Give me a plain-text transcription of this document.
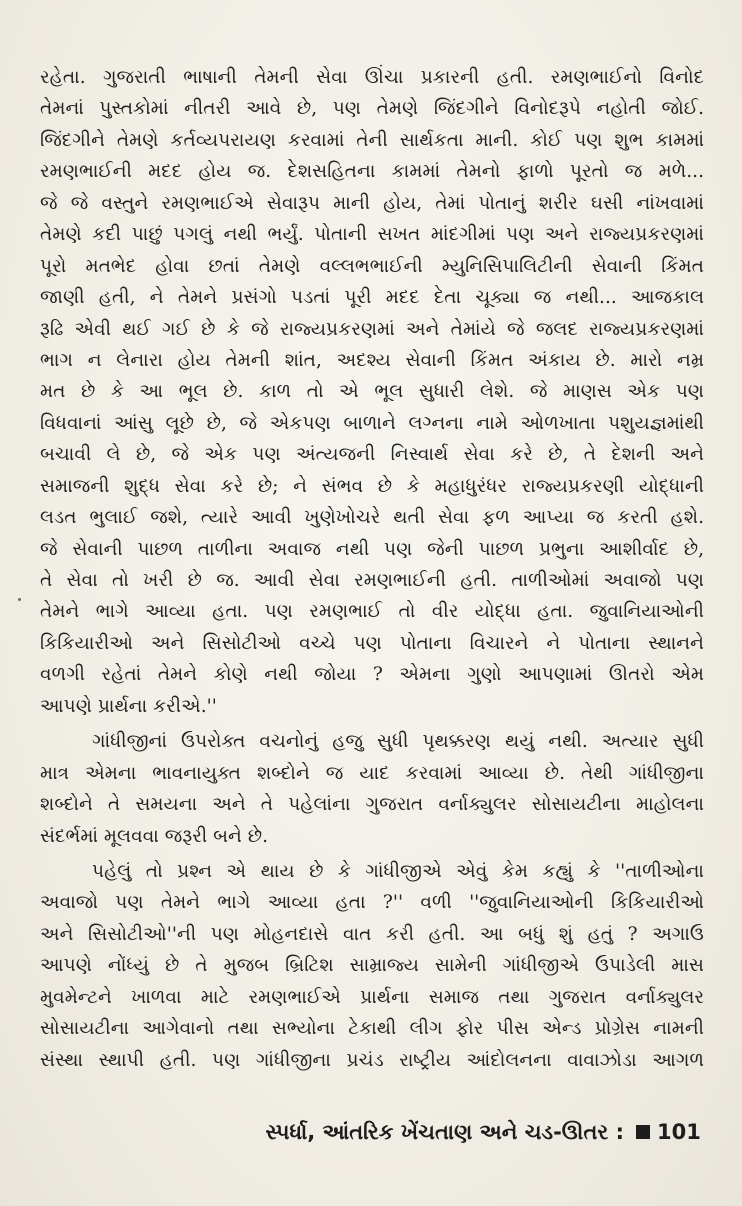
રહેતા. ગુજરાતી ભાષાની તેમની સેવા ઊંચા પ્રકારની હતી. રમણભાઈનો વિનોદ
તેમનાં પુસ્તકોમાં નીતરી આવે છે, પણ તેમણે જિંદગીને વિનોદરૂપે નહોતી જોઈ.
જિંદગીને તેમણે કર્તવ્યપરાયણ કરવામાં તેની સાર્થકતા માની. કોઈ પણ શુભ કામમાં
રમણભાઈની મદદ હોય જ. દેશસહિતના કામમાં તેમનો ફાળો પૂરતો જ મળે...
જે જે વસ્તુને રમણભાઈએ સેવારૂપ માની હોય, તેમાં પોતાનું શરીર ઘસી નાંખવામાં
તેમણે કદી પાછું પગલું નથી ભર્યું. પોતાની સખત માંદગીમાં પણ અને રાજ્યપ્રકરણમાં
પૂરો મતભેદ હોવા છતાં તેમણે વલ્લભભાઈની મ્યુનિસિપાલિટીની સેવાની કિંમત
જાણી હતી, ને તેમને પ્રસંગો પડતાં પૂરી મદદ દેતા ચૂક્યા જ નથી... આજકાલ
રૂઢિ એવી થઈ ગઈ છે કે જે રાજ્યપ્રકરણમાં અને તેમાંયે જે જલદ રાજ્યપ્રકરણમાં
ભાગ ન લેનારા હોય તેમની શાંત, અદશ્ય સેવાની કિંમત અંકાય છે. મારો નમ્ર
મત છે કે આ ભૂલ છે. કાળ તો એ ભૂલ સુધારી લેશે. જે માણસ એક પણ
વિધવાનાં આંસુ લૂછે છે, જે એકપણ બાળાને લગ્નના નામે ઓળખાતા પશુયજ્ઞમાંથી
બચાવી લે છે, જે એક પણ અંત્યજની નિસ્વાર્થ સેવા કરે છે, તે દેશની અને
સમાજની શુદ્ધ સેવા કરે છે; ને સંભવ છે કે મહાધુરંધર રાજ્યપ્રકરણી યોદ્ધાની
લડત ભુલાઈ જશે, ત્યારે આવી ખુણેખોચરે થતી સેવા ફળ આપ્યા જ કરતી હશે.
જે સેવાની પાછળ તાળીના અવાજ નથી પણ જેની પાછળ પ્રભુના આશીર્વાદ છે,
તે સેવા તો ખરી છે જ. આવી સેવા રમણભાઈની હતી. તાળીઓમાં અવાજો પણ
તેમને ભાગે આવ્યા હતા. પણ રમણભાઈ તો વીર યોદ્ધા હતા. જુવાનિયાઓની
કિકિયારીઓ અને સિસોટીઓ વચ્ચે પણ પોતાના વિચારને ને પોતાના સ્થાનને
વળગી રહેતાં તેમને કોણે નથી જોયા ? એમના ગુણો આપણામાં ઊતરો એમ
આપણે પ્રાર્થના કરીએ.''
ગાંધીજીનાં ઉપરોક્ત વચનોનું હજુ સુધી પૃથક્કરણ થયું નથી. અત્યાર સુધી
માત્ર એમના ભાવનાયુક્ત શબ્દોને જ યાદ કરવામાં આવ્યા છે. તેથી ગાંધીજીના
શબ્દોને તે સમયના અને તે પહેલાંના ગુજરાત વર્નાક્યુલર સોસાયટીના માહોલના
સંદર્ભમાં મૂલવવા જરૂરી બને છે.
પહેલું તો પ્રશ્ન એ થાય છે કે ગાંધીજીએ એવું કેમ કહ્યું કે ''તાળીઓના
અવાજો પણ તેમને ભાગે આવ્યા હતા ?'' વળી ''જુવાનિયાઓની કિકિયારીઓ
અને સિસોટીઓ''ની પણ મોહનદાસે વાત કરી હતી. આ બધું શું હતું ? અગાઉ
આપણે નોંધ્યું છે તે મુજબ બ્રિટિશ સામ્રાજ્ય સામેની ગાંધીજીએ ઉપાડેલી માસ
મુવમેન્ટને ખાળવા માટે રમણભાઈએ પ્રાર્થના સમાજ તથા ગુજરાત વર્નાક્યુલર
સોસાયટીના આગેવાનો તથા સભ્યોના ટેકાથી લીગ ફોર પીસ એન્ડ પ્રોગ્રેસ નામની
સંસ્થા સ્થાપી હતી. પણ ગાંધીજીના પ્રચંડ રાષ્ટ્રીય આંદોલનના વાવાઝોડા આગળ
સ્પર્ધા, આંતરિક ખેંચતાણ અને ચડ-ઊતર : 101
